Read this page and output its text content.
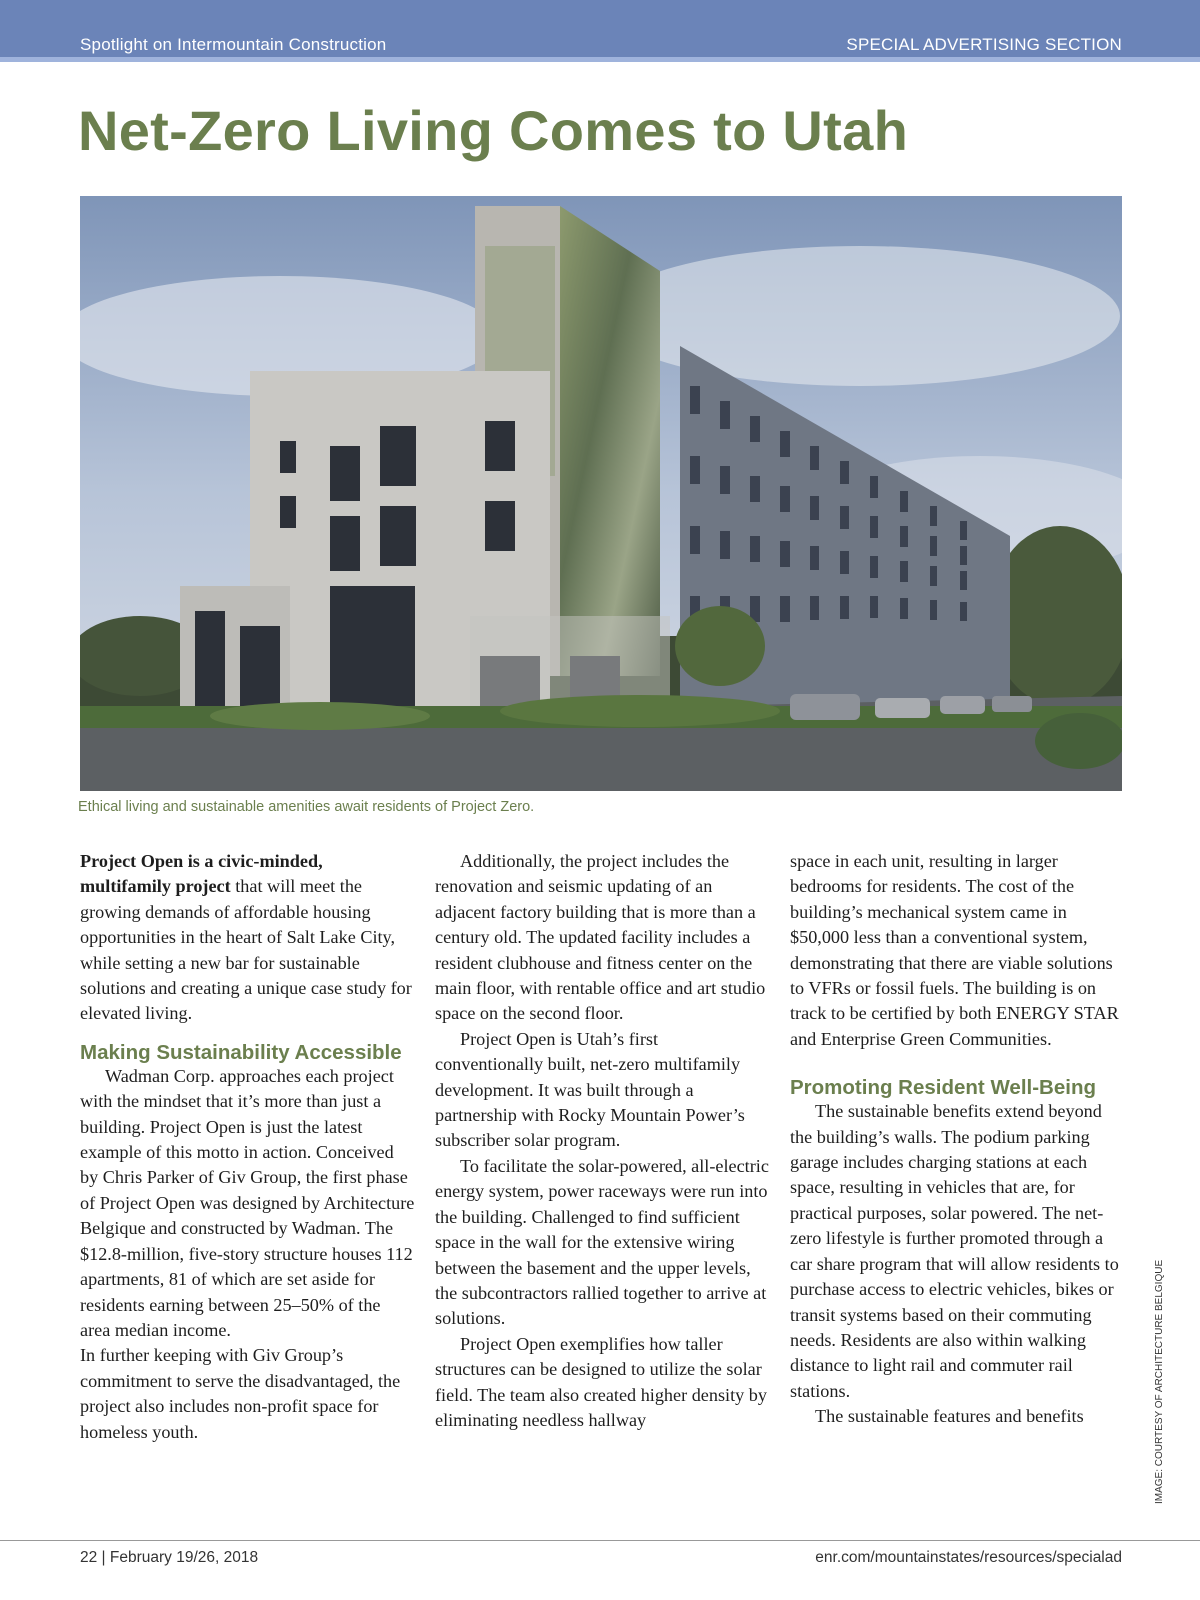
Spotlight on Intermountain Construction	SPECIAL ADVERTISING SECTION
Net-Zero Living Comes to Utah
Ethical living and sustainable amenities await residents of Project Zero.

Project Open is a civic-minded, multifamily project that will meet the growing demands of affordable housing opportunities in the heart of Salt Lake City, while setting a new bar for sustainable solutions and creating a unique case study for elevated living.

Making Sustainability Accessible

Wadman Corp. approaches each project with the mindset that it’s more than just a building. Project Open is just the latest example of this motto in action. Conceived by Chris Parker of Giv Group, the first phase of Project Open was designed by Architecture Belgique and constructed by Wadman. The $12.8-million, five-story structure houses 112 apartments, 81 of which are set aside for residents earning between 25–50% of the area median income.

In further keeping with Giv Group’s commitment to serve the disadvantaged, the project also includes non-profit space for homeless youth.

Additionally, the project includes the renovation and seismic updating of an adjacent factory building that is more than a century old. The updated facility includes a resident clubhouse and fitness center on the main floor, with rentable office and art studio space on the second floor.

Project Open is Utah’s first conventionally built, net-zero multifamily development. It was built through a partnership with Rocky Mountain Power’s subscriber solar program.

To facilitate the solar-powered, all-electric energy system, power raceways were run into the building. Challenged to find sufficient space in the wall for the extensive wiring between the basement and the upper levels, the subcontractors rallied together to arrive at solutions.

Project Open exemplifies how taller structures can be designed to utilize the solar field. The team also created higher density by eliminating needless hallway

space in each unit, resulting in larger bedrooms for residents. The cost of the building’s mechanical system came in $50,000 less than a conventional system, demonstrating that there are viable solutions to VFRs or fossil fuels. The building is on track to be certified by both ENERGY STAR and Enterprise Green Communities.

Promoting Resident Well-Being

The sustainable benefits extend beyond the building’s walls. The podium parking garage includes charging stations at each space, resulting in vehicles that are, for practical purposes, solar powered. The net-zero lifestyle is further promoted through a car share program that will allow residents to purchase access to electric vehicles, bikes or transit systems based on their commuting needs. Residents are also within walking distance to light rail and commuter rail stations.

The sustainable features and benefits	IMAGE: COURTESY OF ARCHITECTURE BELGIQUE
22 | February 19/26, 2018	enr.com/mountainstates/resources/specialad
